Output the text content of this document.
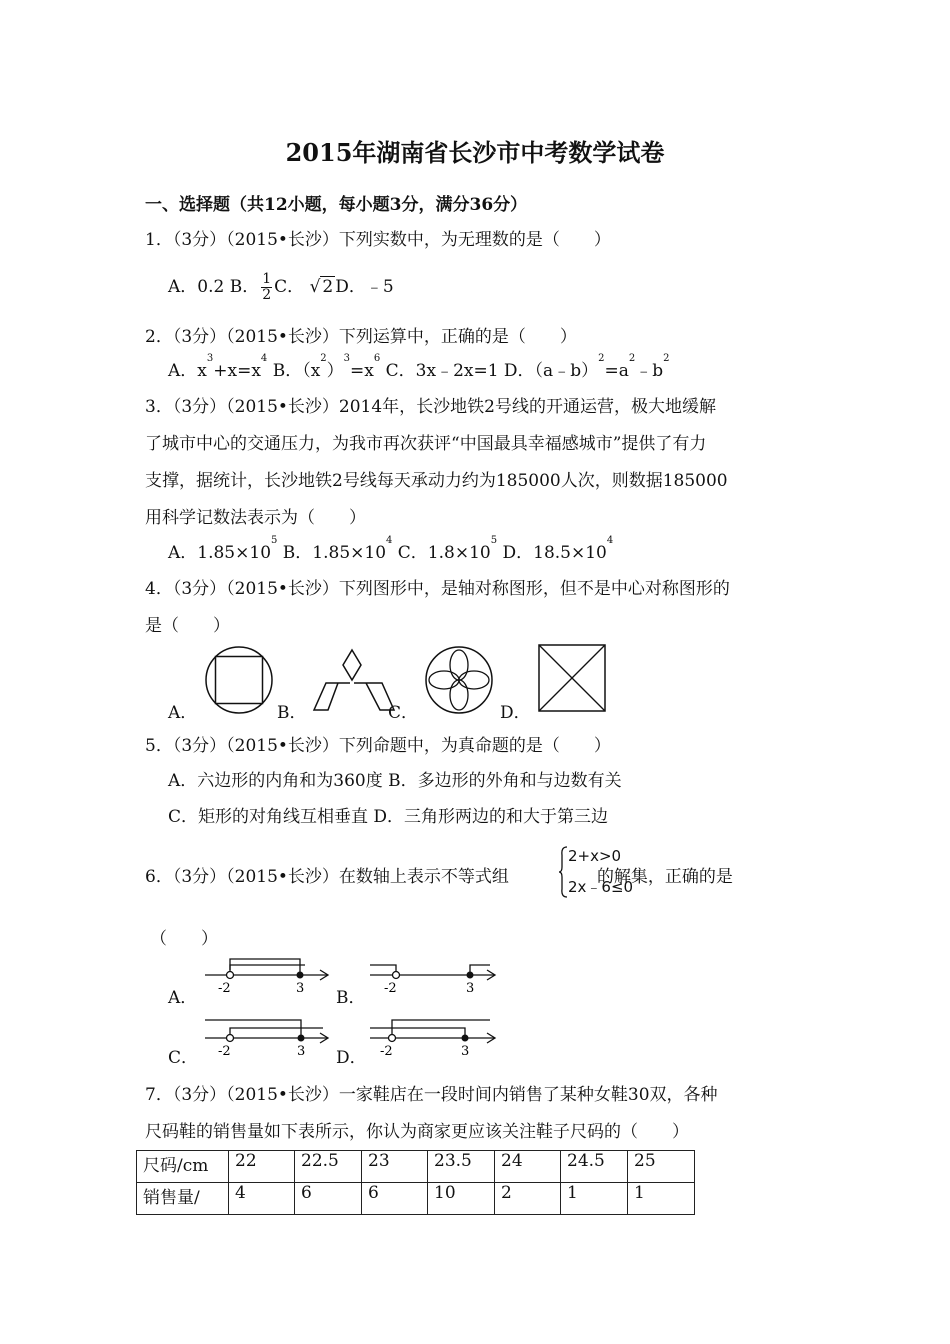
2015年湖南省长沙市中考数学试卷
一、选择题（共12小题，每小题3分，满分36分）
1．（3分）（2015•长沙）下列实数中，为无理数的是（　　）
A．0.2 B． $\frac{1}{2}$ C． √ 2 D．﹣5
2．（3分）（2015•长沙）下列运算中，正确的是（　　）
A．$x^3+x=x^4$ B．$(x^2)^3=x^6$ C．3x﹣2x=1 D．$(a﹣b)^2=a^2﹣b^2$
3．（3分）（2015•长沙）2014年，长沙地铁2号线的开通运营，极大地缓解
了城市中心的交通压力，为我市再次获评“中国最具幸福感城市”提供了有力
支撑，据统计，长沙地铁2号线每天承动力约为185000人次，则数据185000
用科学记数法表示为（　　）
A．$1.85\times 10^5$ B．$1.85\times 10^4$ C．$1.8\times 10^5$ D．$18.5\times 10^4$
4．（3分）（2015•长沙）下列图形中，是轴对称图形，但不是中心对称图形的
是（　　）
A．	B．	C．	D．
5．（3分）（2015•长沙）下列命题中，为真命题的是（　　）
A．六边形的内角和为360度 B．多边形的外角和与边数有关
C．矩形的对角线互相垂直 D．三角形两边的和大于第三边
6．（3分）（2015•长沙）在数轴上表示不等式组	的解集，正确的是
2+x>0
2x﹣6≤0
（　　）
A．	B．
C．	D．
-2	3	-2	3
-2	3	-2	3
7．（3分）（2015•长沙）一家鞋店在一段时间内销售了某种女鞋30双，各种
尺码鞋的销售量如下表所示，你认为商家更应该关注鞋子尺码的（　　）
尺码/cm	22	22.5	23	23.5	24	24.5	25
销售量/	4	6	6	10	2	1	1
